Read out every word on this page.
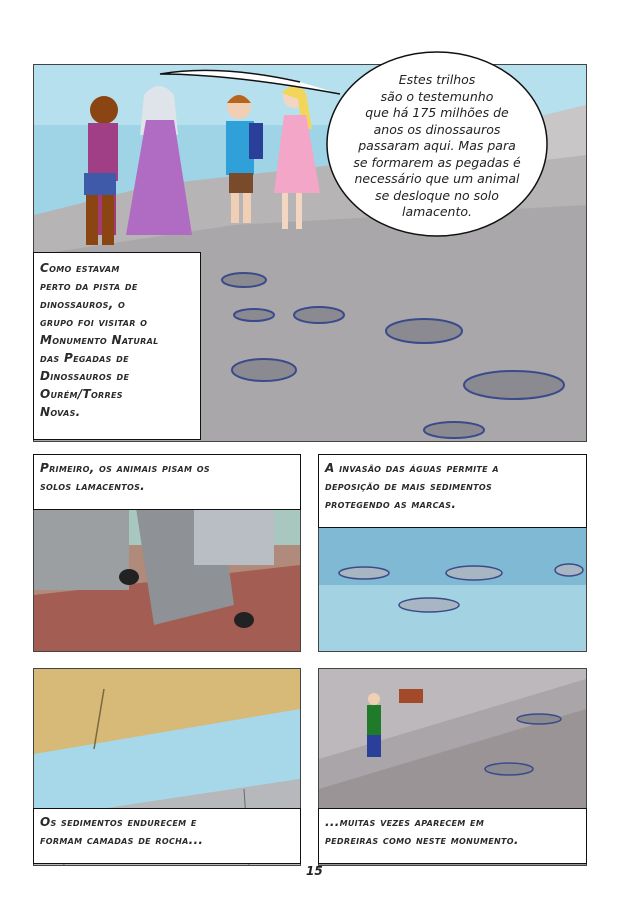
Estes trilhos
são o testemunho
que há 175 milhões de
anos os dinossauros
passaram aqui. Mas para
se formarem as pegadas é
necessário que um animal
se desloque no solo
lamacento.
Como estavam
perto da pista de
dinossauros, o
grupo foi visitar o
Monumento Natural
das Pegadas de
Dinossauros de
Ourém/Torres
Novas.
Primeiro, os animais pisam os
solos lamacentos.
A invasão das águas permite a
deposição de mais sedimentos
protegendo as marcas.
Os sedimentos endurecem e
formam camadas de rocha...
...muitas vezes aparecem em
pedreiras como neste monumento.
15
